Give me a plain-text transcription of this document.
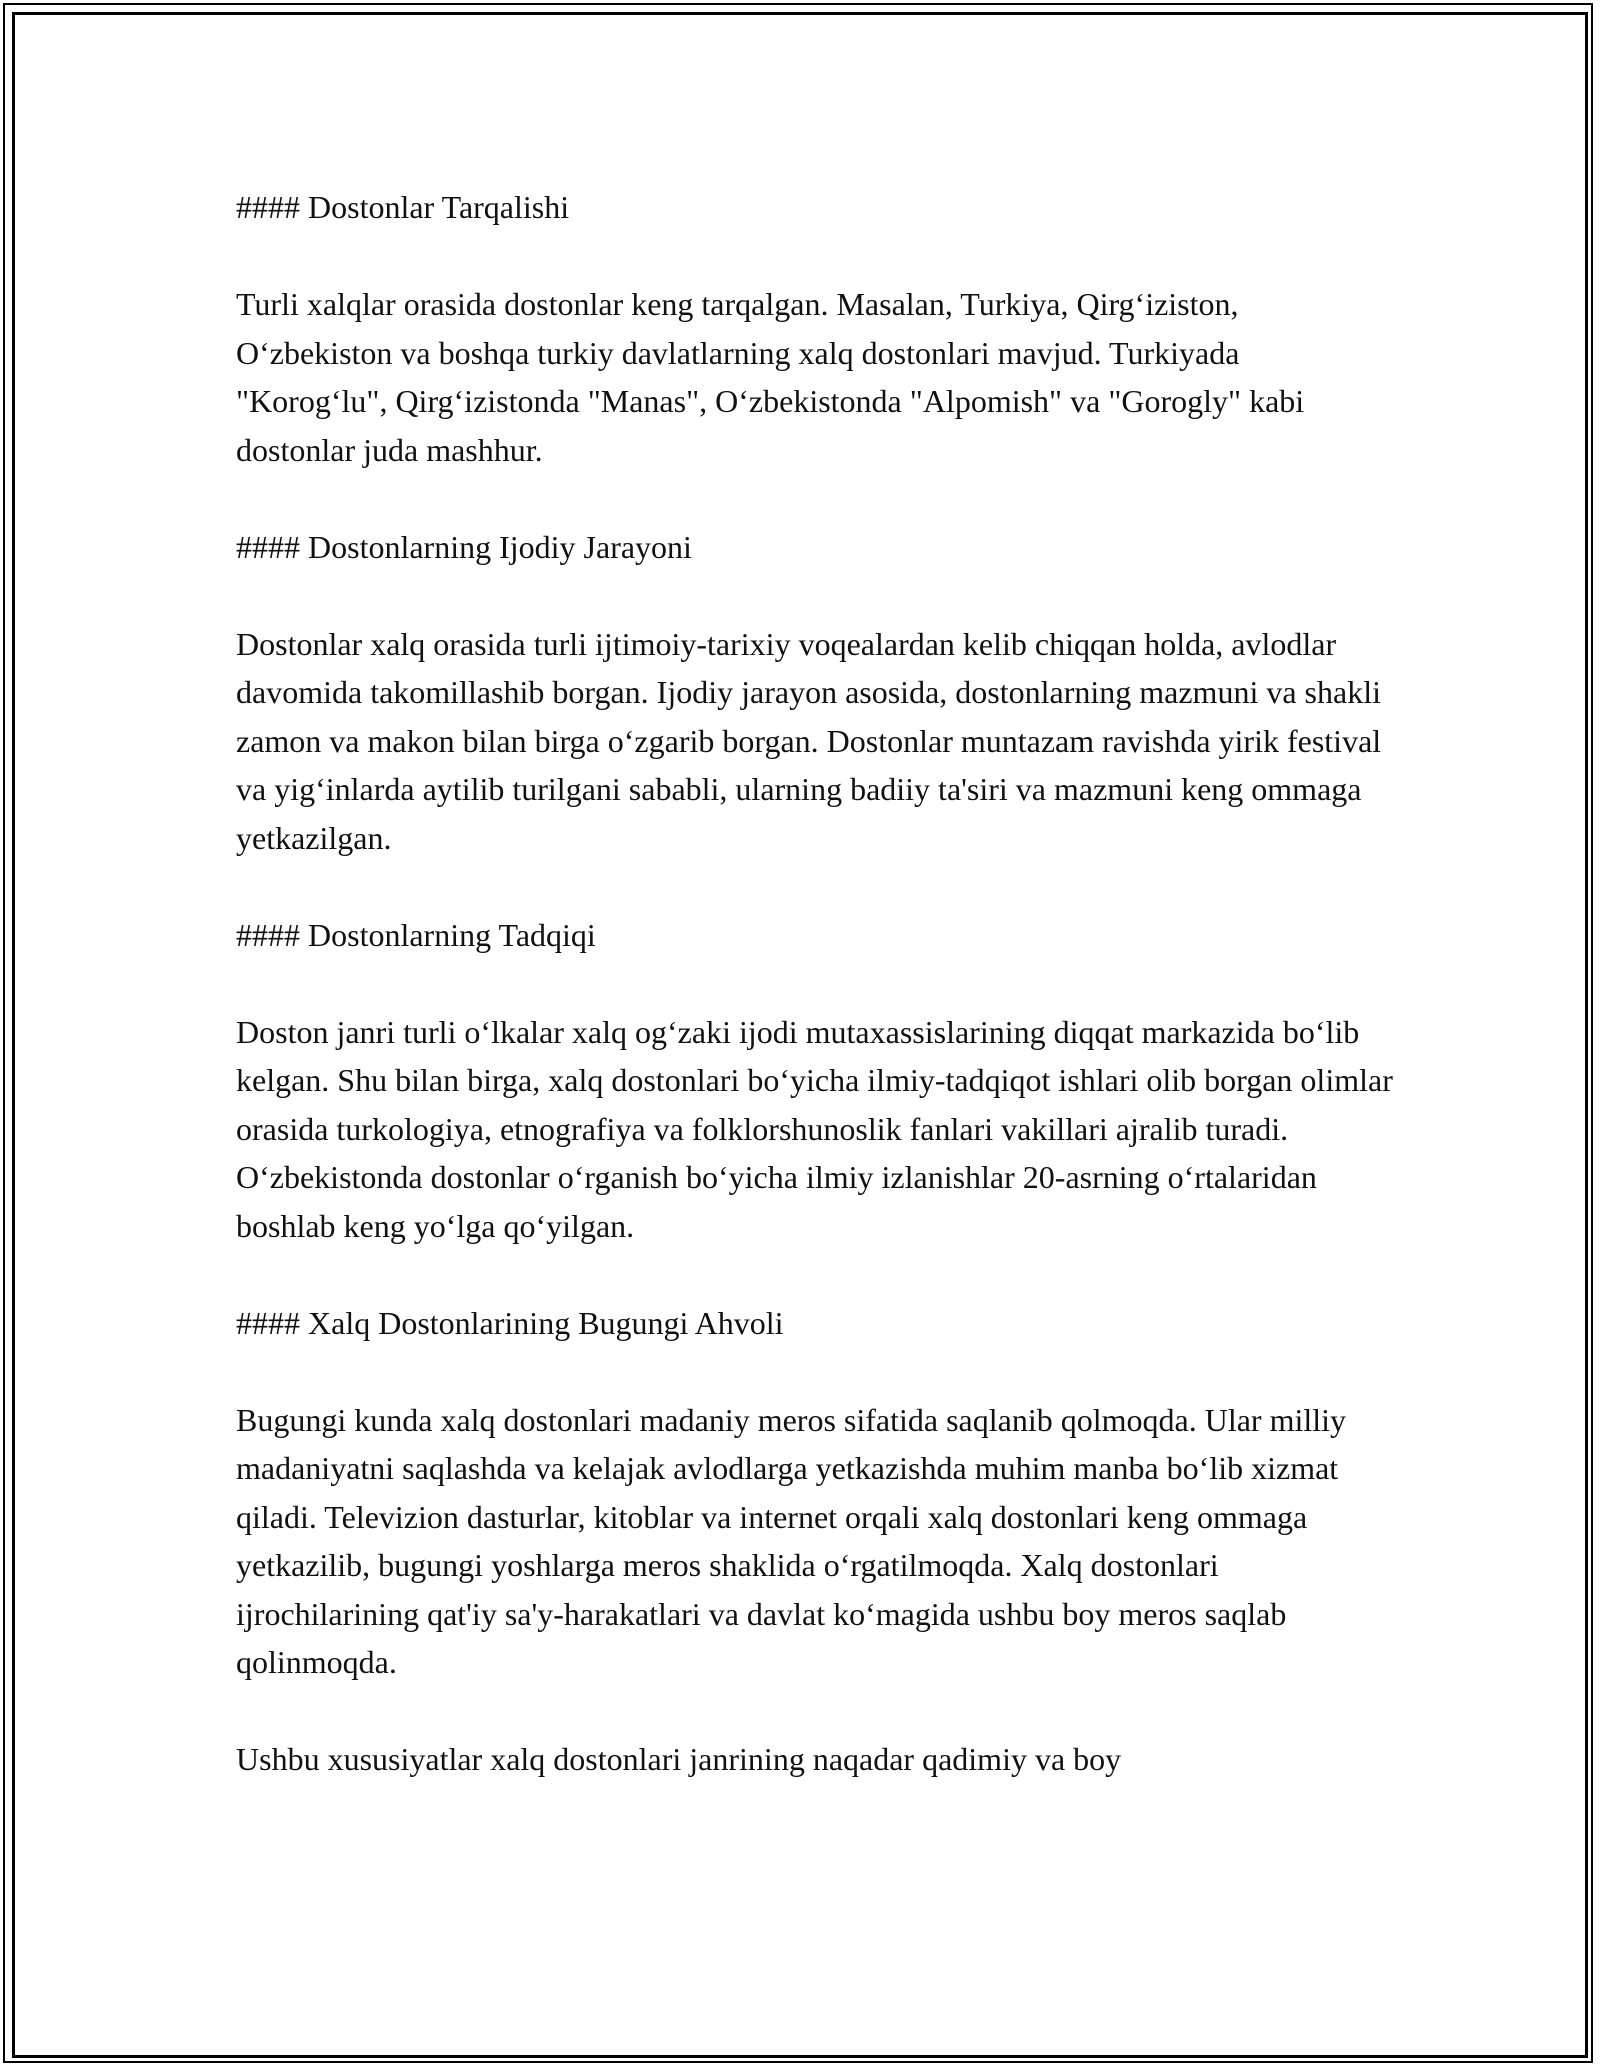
#### Dostonlar Tarqalishi

Turli xalqlar orasida dostonlar keng tarqalgan. Masalan, Turkiya, Qirg‘iziston, O‘zbekiston va boshqa turkiy davlatlarning xalq dostonlari mavjud. Turkiyada "Korog‘lu", Qirg‘izistonda "Manas", O‘zbekistonda "Alpomish" va "Gorogly" kabi dostonlar juda mashhur.

#### Dostonlarning Ijodiy Jarayoni

Dostonlar xalq orasida turli ijtimoiy-tarixiy voqealardan kelib chiqqan holda, avlodlar davomida takomillashib borgan. Ijodiy jarayon asosida, dostonlarning mazmuni va shakli zamon va makon bilan birga o‘zgarib borgan. Dostonlar muntazam ravishda yirik festival va yig‘inlarda aytilib turilgani sababli, ularning badiiy ta'siri va mazmuni keng ommaga yetkazilgan.

#### Dostonlarning Tadqiqi

Doston janri turli o‘lkalar xalq og‘zaki ijodi mutaxassislarining diqqat markazida bo‘lib kelgan. Shu bilan birga, xalq dostonlari bo‘yicha ilmiy-tadqiqot ishlari olib borgan olimlar orasida turkologiya, etnografiya va folklorshunoslik fanlari vakillari ajralib turadi. O‘zbekistonda dostonlar o‘rganish bo‘yicha ilmiy izlanishlar 20-asrning o‘rtalaridan boshlab keng yo‘lga qo‘yilgan.

#### Xalq Dostonlarining Bugungi Ahvoli

Bugungi kunda xalq dostonlari madaniy meros sifatida saqlanib qolmoqda. Ular milliy madaniyatni saqlashda va kelajak avlodlarga yetkazishda muhim manba bo‘lib xizmat qiladi. Televizion dasturlar, kitoblar va internet orqali xalq dostonlari keng ommaga yetkazilib, bugungi yoshlarga meros shaklida o‘rgatilmoqda. Xalq dostonlari ijrochilarining qat'iy sa'y-harakatlari va davlat ko‘magida ushbu boy meros saqlab qolinmoqda.

Ushbu xususiyatlar xalq dostonlari janrining naqadar qadimiy va boy
